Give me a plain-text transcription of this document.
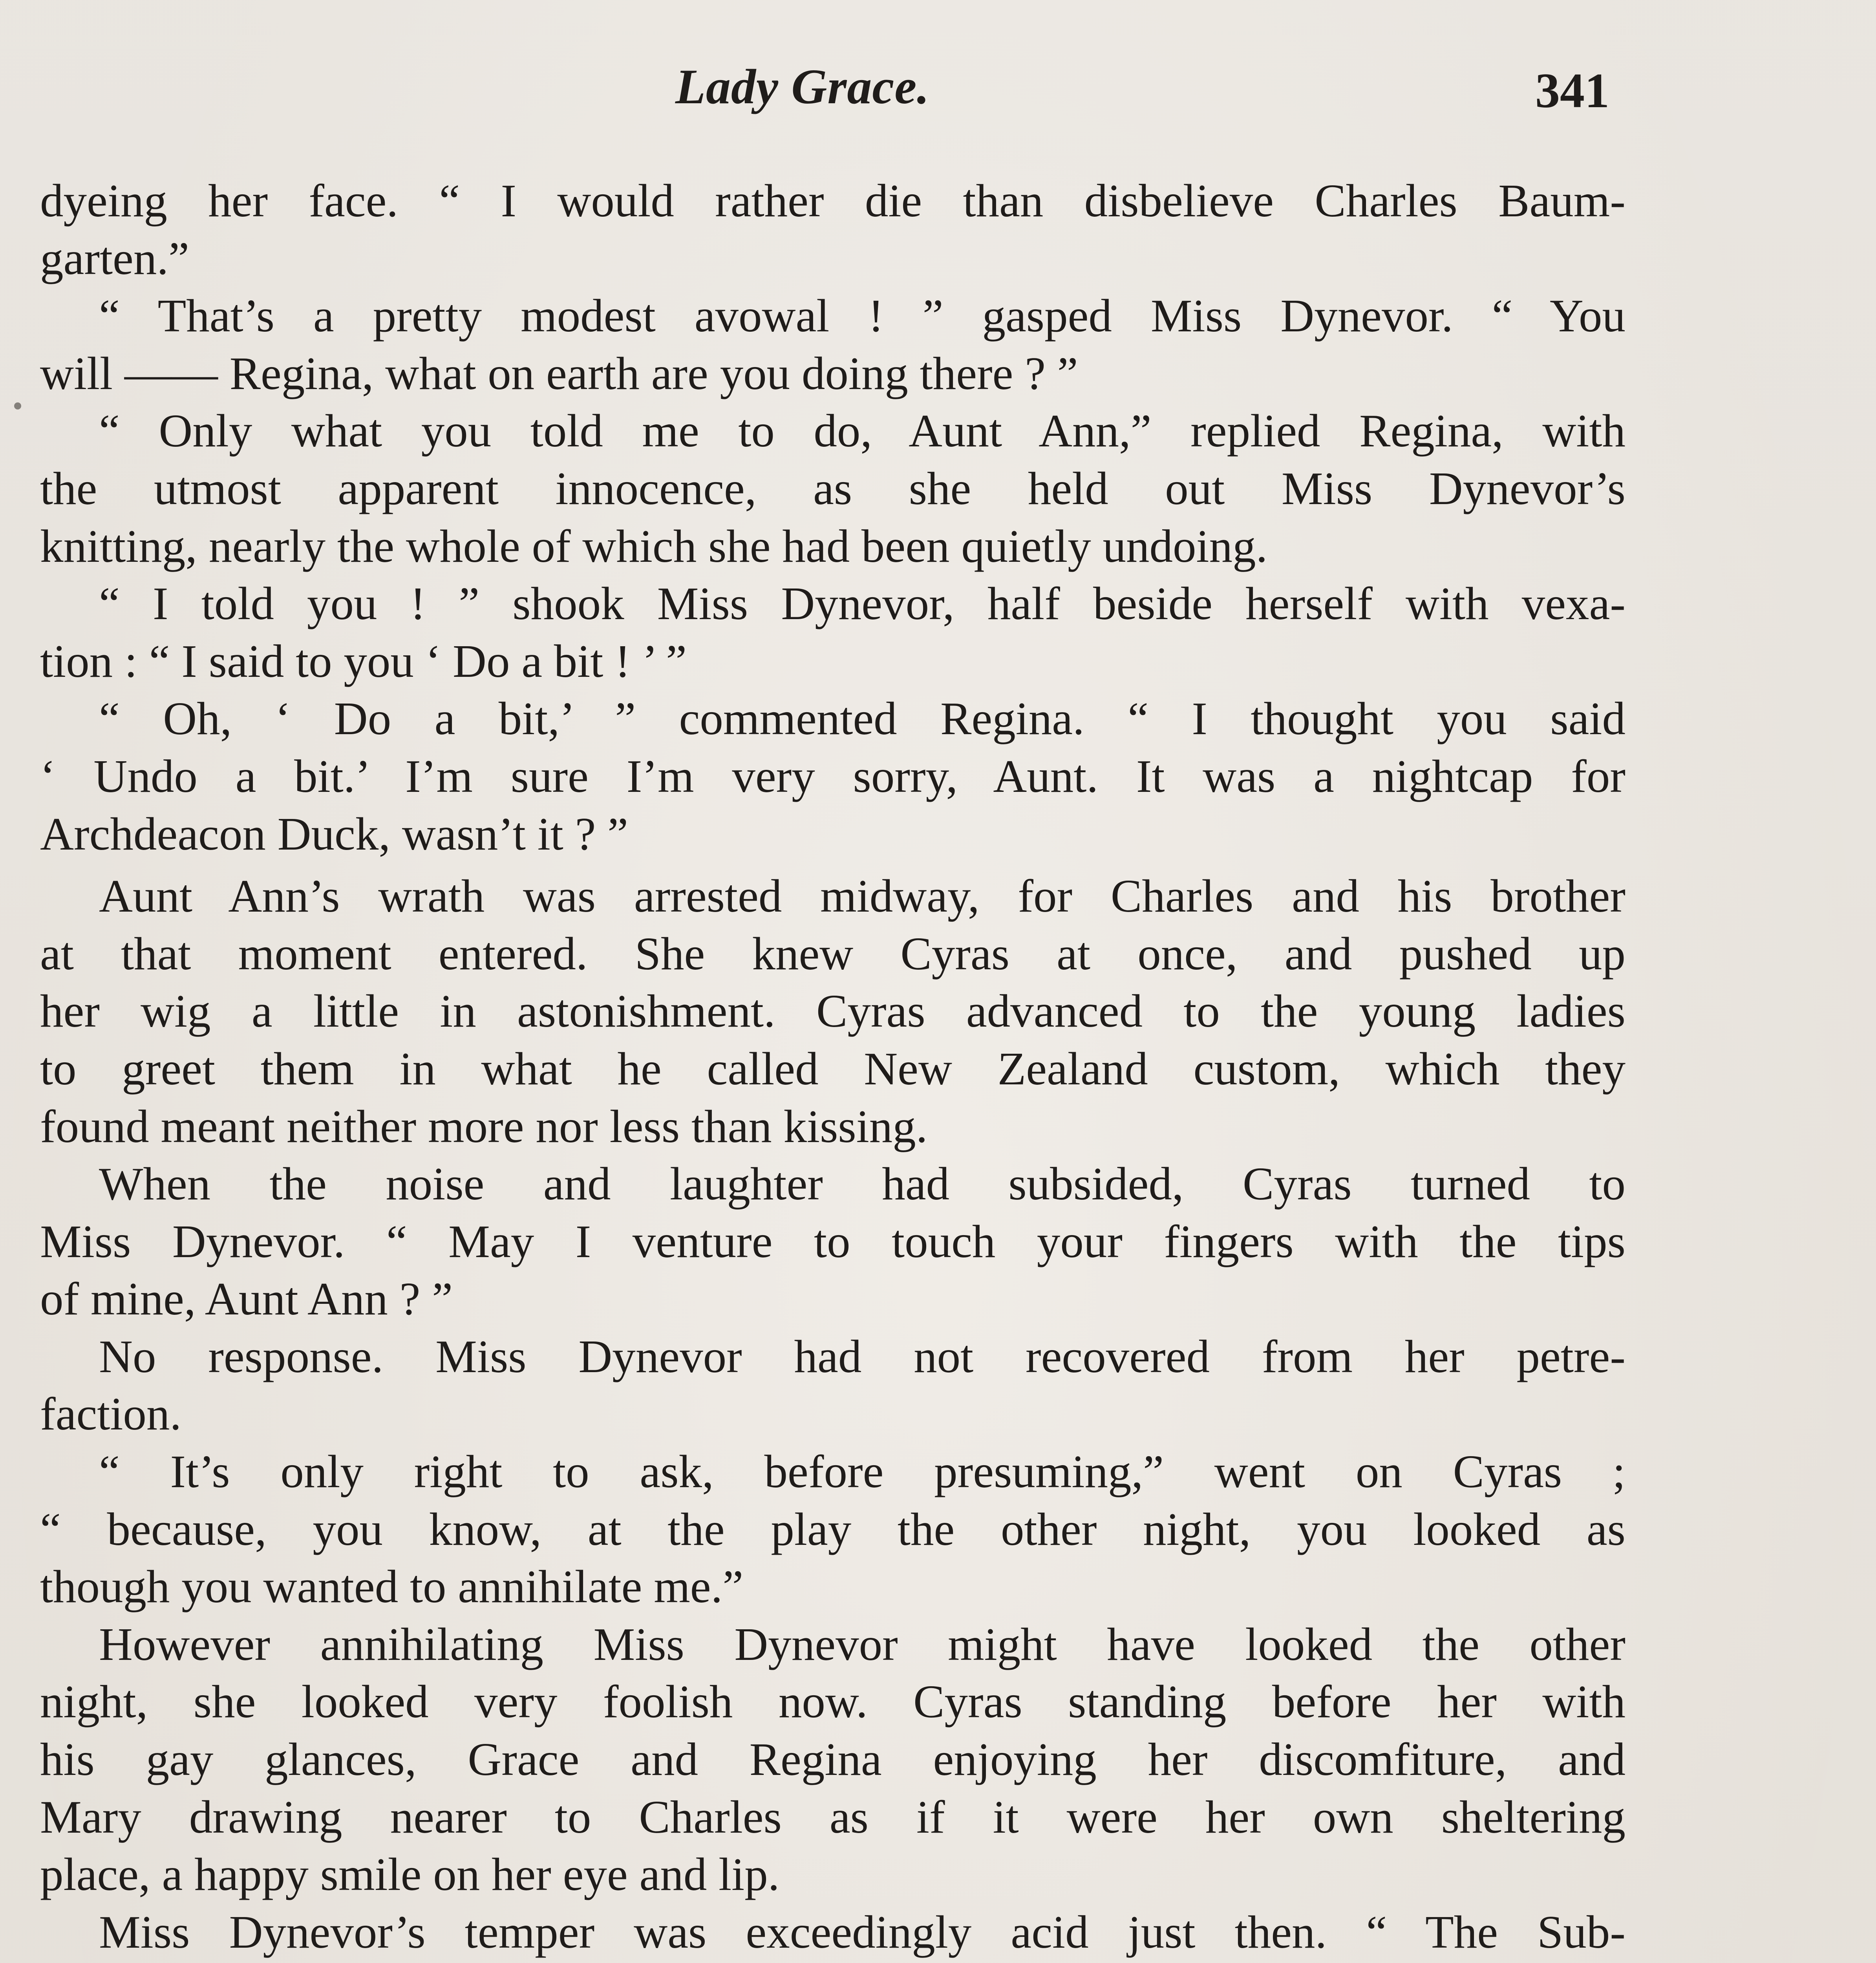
Lady Grace.	341
dyeing her face. “ I would rather die than disbelieve Charles Baum-
garten.”
“ That’s a pretty modest avowal ! ” gasped Miss Dynevor. “ You
will —— Regina, what on earth are you doing there ? ”
“ Only what you told me to do, Aunt Ann,” replied Regina, with
the utmost apparent innocence, as she held out Miss Dynevor’s
knitting, nearly the whole of which she had been quietly undoing.
“ I told you ! ” shook Miss Dynevor, half beside herself with vexa-
tion : “ I said to you ‘ Do a bit ! ’ ”
“ Oh, ‘ Do a bit,’ ” commented Regina. “ I thought you said
‘ Undo a bit.’ I’m sure I’m very sorry, Aunt. It was a nightcap for
Archdeacon Duck, wasn’t it ? ”
Aunt Ann’s wrath was arrested midway, for Charles and his brother
at that moment entered. She knew Cyras at once, and pushed up
her wig a little in astonishment. Cyras advanced to the young ladies
to greet them in what he called New Zealand custom, which they
found meant neither more nor less than kissing.
When the noise and laughter had subsided, Cyras turned to
Miss Dynevor. “ May I venture to touch your fingers with the tips
of mine, Aunt Ann ? ”
No response. Miss Dynevor had not recovered from her petre-
faction.
“ It’s only right to ask, before presuming,” went on Cyras ;
“ because, you know, at the play the other night, you looked as
though you wanted to annihilate me.”
However annihilating Miss Dynevor might have looked the other
night, she looked very foolish now. Cyras standing before her with
his gay glances, Grace and Regina enjoying her discomfiture, and
Mary drawing nearer to Charles as if it were her own sheltering
place, a happy smile on her eye and lip.
Miss Dynevor’s temper was exceedingly acid just then. “ The Sub-
